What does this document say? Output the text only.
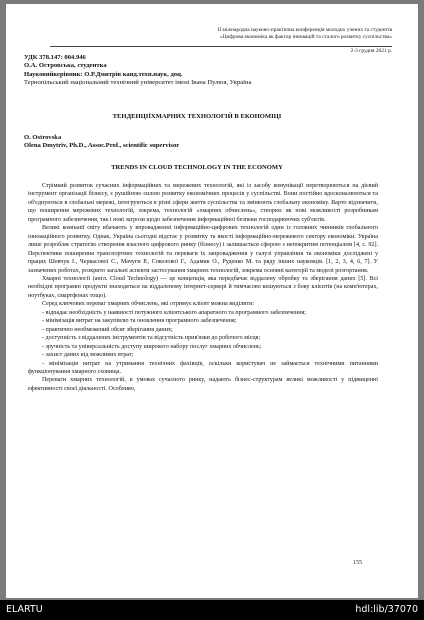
II міжнародна науково-практична конференція молодих учених та студентів
«Цифрова економіка як фактор інновацій та сталого розвитку суспільства»
2-3 грудня 2021 р.
УДК 378.147: 004.946
О.А. Островська, студентка
Науковийкерівник: О.Р.Дмитрів канд.техн.наук, доц.
Тернопільський національний технічний університет імені Івана Пулюя, Україна
ТЕНДЕНЦІЇХМАРНИХ ТЕХНОЛОГІЙ В ЕКОНОМІЦІ
O. Ostrovska
Olena Dmytriv, Ph.D., Assoc.Prof., scientific supervisor
TRENDS IN CLOUD TECHNOLOGY IN THE ECONOMY

Стрімкий розвиток сучасних інформаційних та мережевих технологій, які із засобу комунікації перетворюються на дієвий інструмент організації бізнесу, є рушійною силою розвитку економічних процесів у суспільстві. Вони постійно вдосконалюються та об'єднуються в глобальні мережі, інтегруються в різні сфери життя суспільства та змінюють глобальну економіку. Варто відзначити, що поширення мережевих технологій, зокрема, технологій «хмарних обчислень», створює як нові можливості розробникам програмного забезпечення, так і нові загрози щодо забезпечення інформаційної безпеки господарюючих суб'єктів.

Великі компанії світу вбачають у впровадженні інформаційно-цифрових технологій один із головних чинників глобального інноваційного розвитку. Однак, Україна сьогодні відстає у розвитку та якості інформаційно-мережевого сектору економіки. Україна лише розробляє стратегію створення власного цифрового ринку (бізнесу) і залишається сферою з непокритим потенціалом [4, с. 92]. Перспективи поширення транспортних технологій та переваги їх запровадження у галузі управління та економіки досліджені у працях Шевчук І., Черкасової С., Мачуги Р., Соколової Г., Адамик О., Руденко М. та ряду інших науковців. [1, 2, 3, 4, 6, 7]. У зазначених роботах, розкрито загальні аспекти застосування хмарних технологій, зокрема основні категорії та моделі розгортання.

Хмарні технології (англ. Cloud Technology) — це концепція, яка передбачає віддалену обробку та зберігання даних [5]. Всі необхідні програмні продукти знаходяться на віддаленому інтернет-сервері й тимчасово кешуються з боку клієнтів (на комп'ютерах, ноутбуках, смартфонах тощо).

Серед ключових переваг хмарних обчислень, які отримує клієнт можна виділити:

- відпадає необхідність у наявності потужного клієнтського апаратного та програмного забезпечення;

- мінімізація витрат на закупівлю та оновлення програмного забезпечення;

- практично необмежений обсяг зберігання даних;

- доступність з віддалених інструментів та відсутність прив'язки до робочого місця;

- зручність та універсальність доступу широкого набору послуг хмарних обчислень;

- захист даних від можливих втрат;

- мінімізація витрат на утримання технічних фахівців, оскільки користувач не займається технічними питаннями функціонування хмарного сховища.

Переваги хмарних технологій, в умовах сучасного ринку, надають бізнес-структурам великі можливості у підвищенні ефективності своєї діяльності. Особливо,

155
ELARTU	hdl:lib/37070
